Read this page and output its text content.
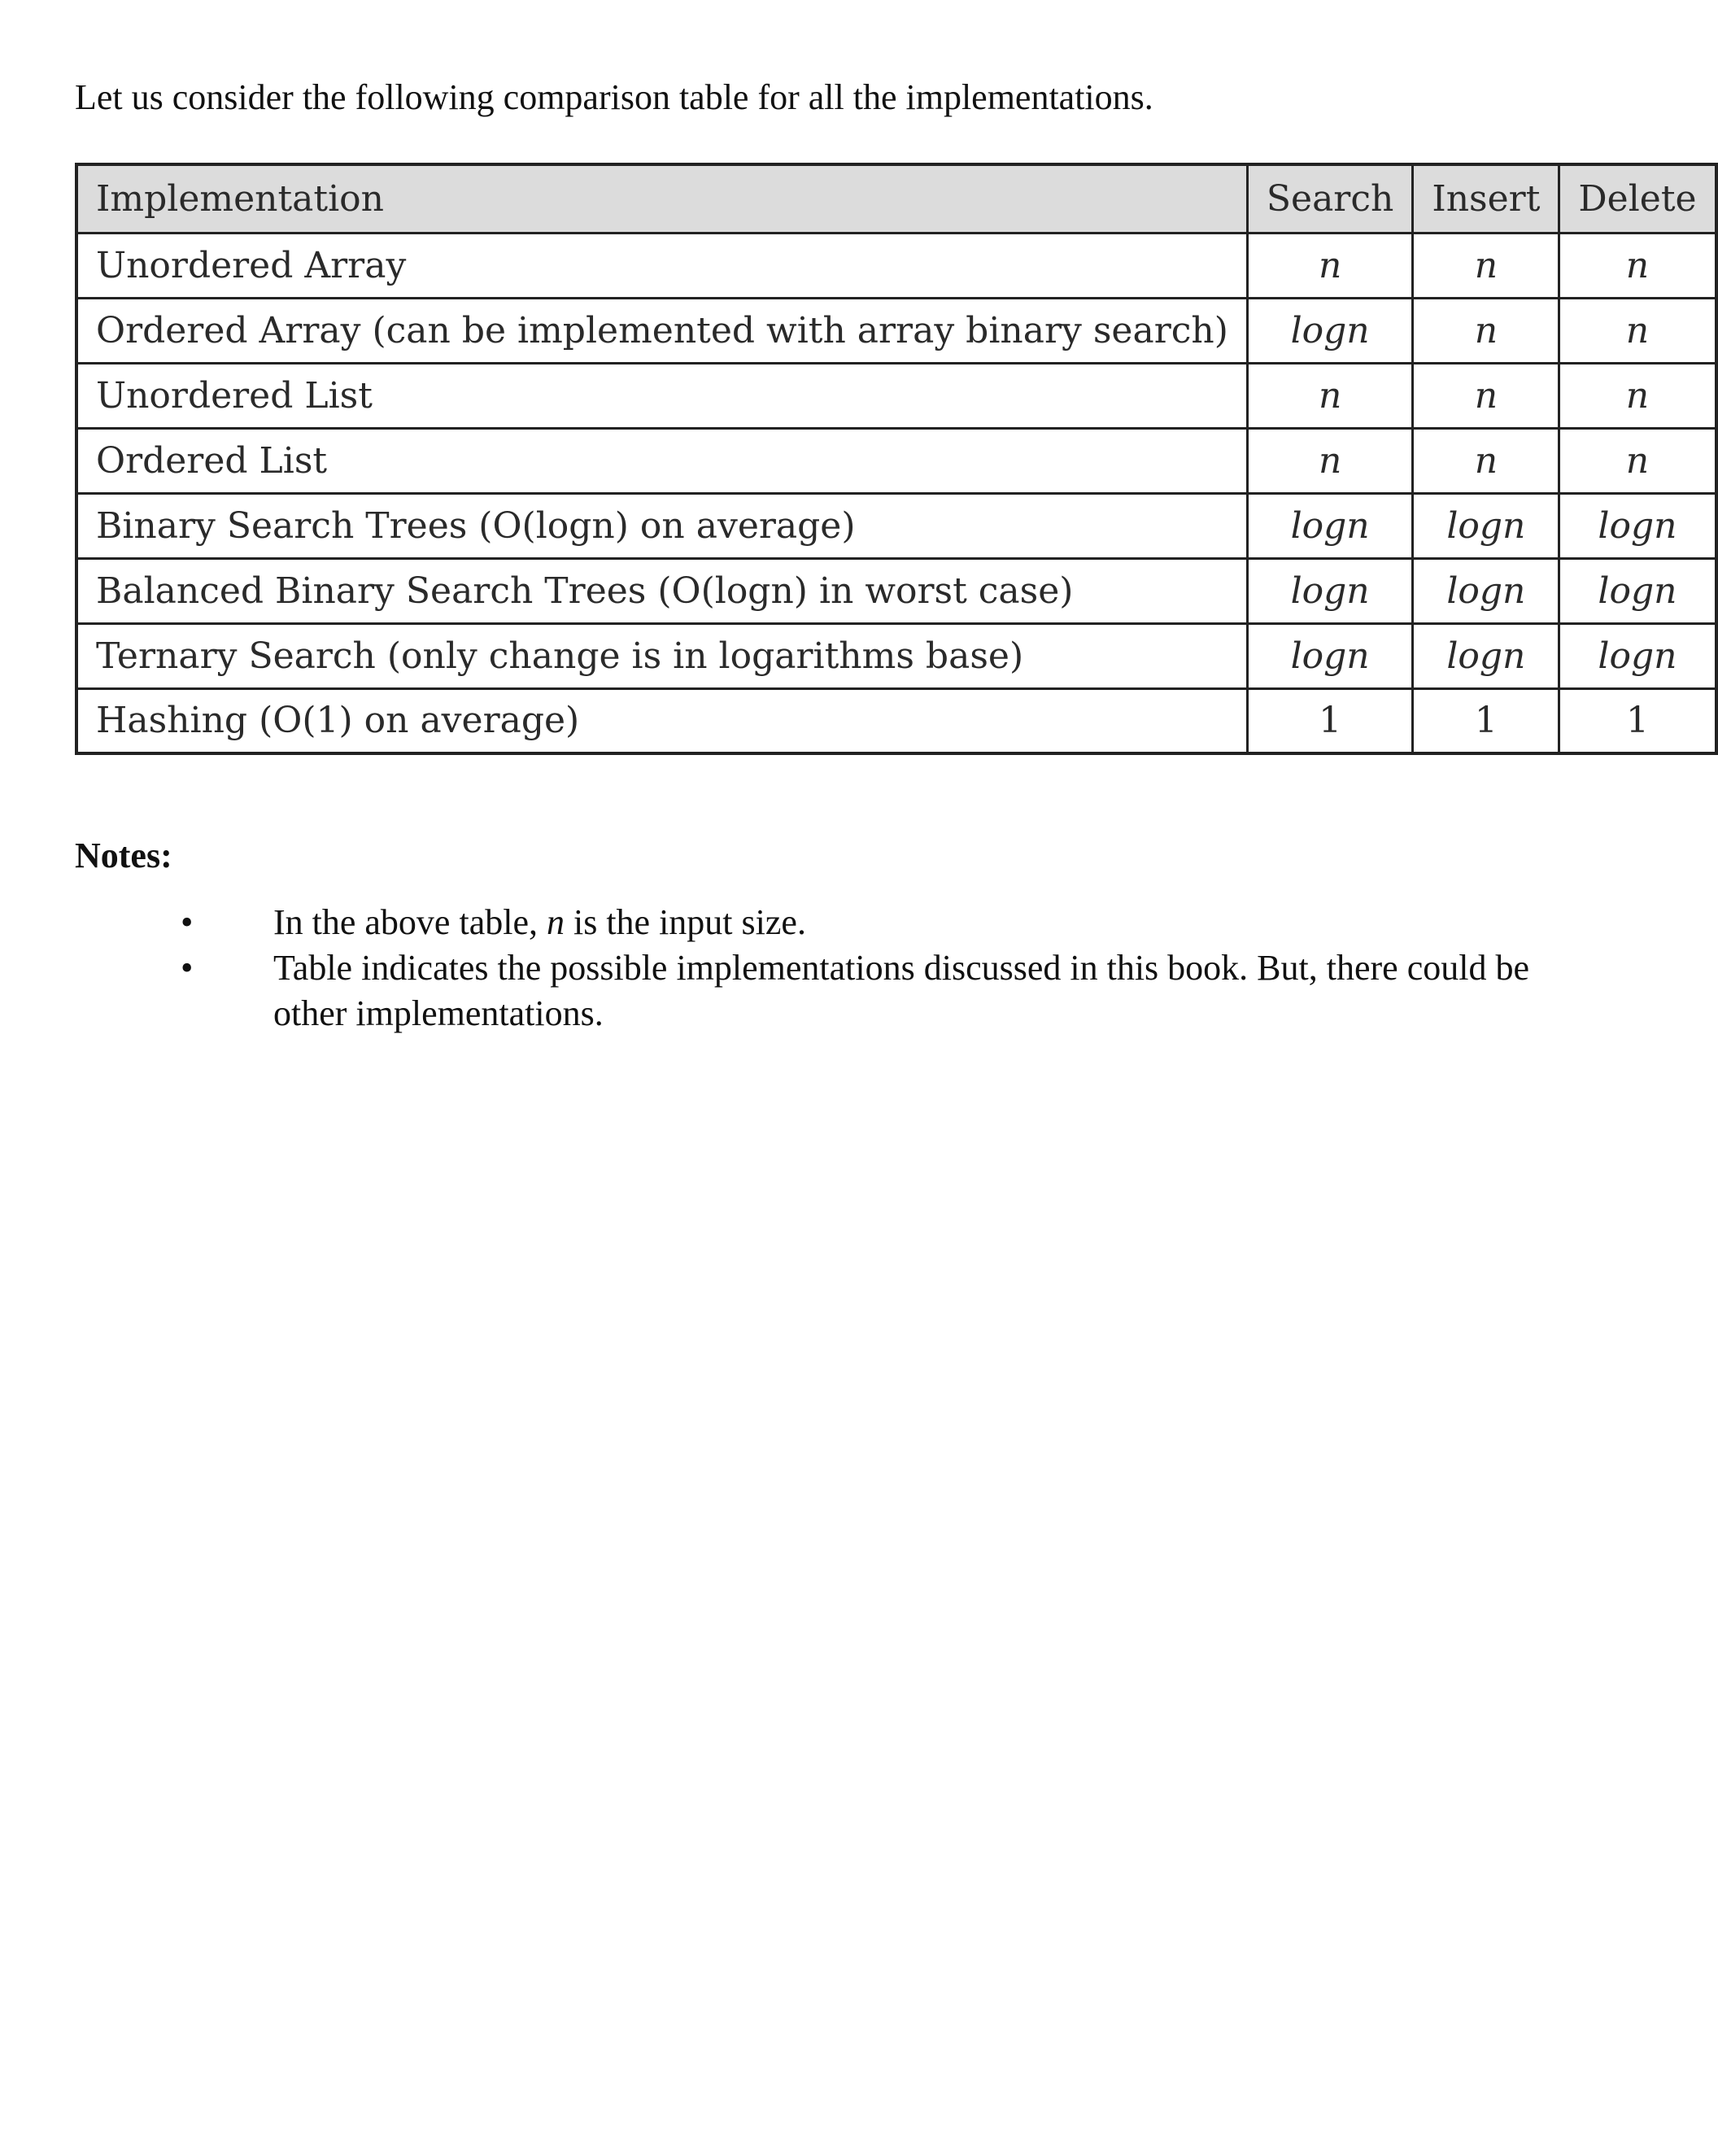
Let us consider the following comparison table for all the implementations.
Implementation	Search	Insert	Delete
Unordered Array	n	n	n
Ordered Array (can be implemented with array binary search)	logn	n	n
Unordered List	n	n	n
Ordered List	n	n	n
Binary Search Trees (O(logn) on average)	logn	logn	logn
Balanced Binary Search Trees (O(logn) in worst case)	logn	logn	logn
Ternary Search (only change is in logarithms base)	logn	logn	logn
Hashing (O(1) on average)	1	1	1
Notes:
• In the above table, n is the input size.
• Table indicates the possible implementations discussed in this book. But, there could be other implementations.
